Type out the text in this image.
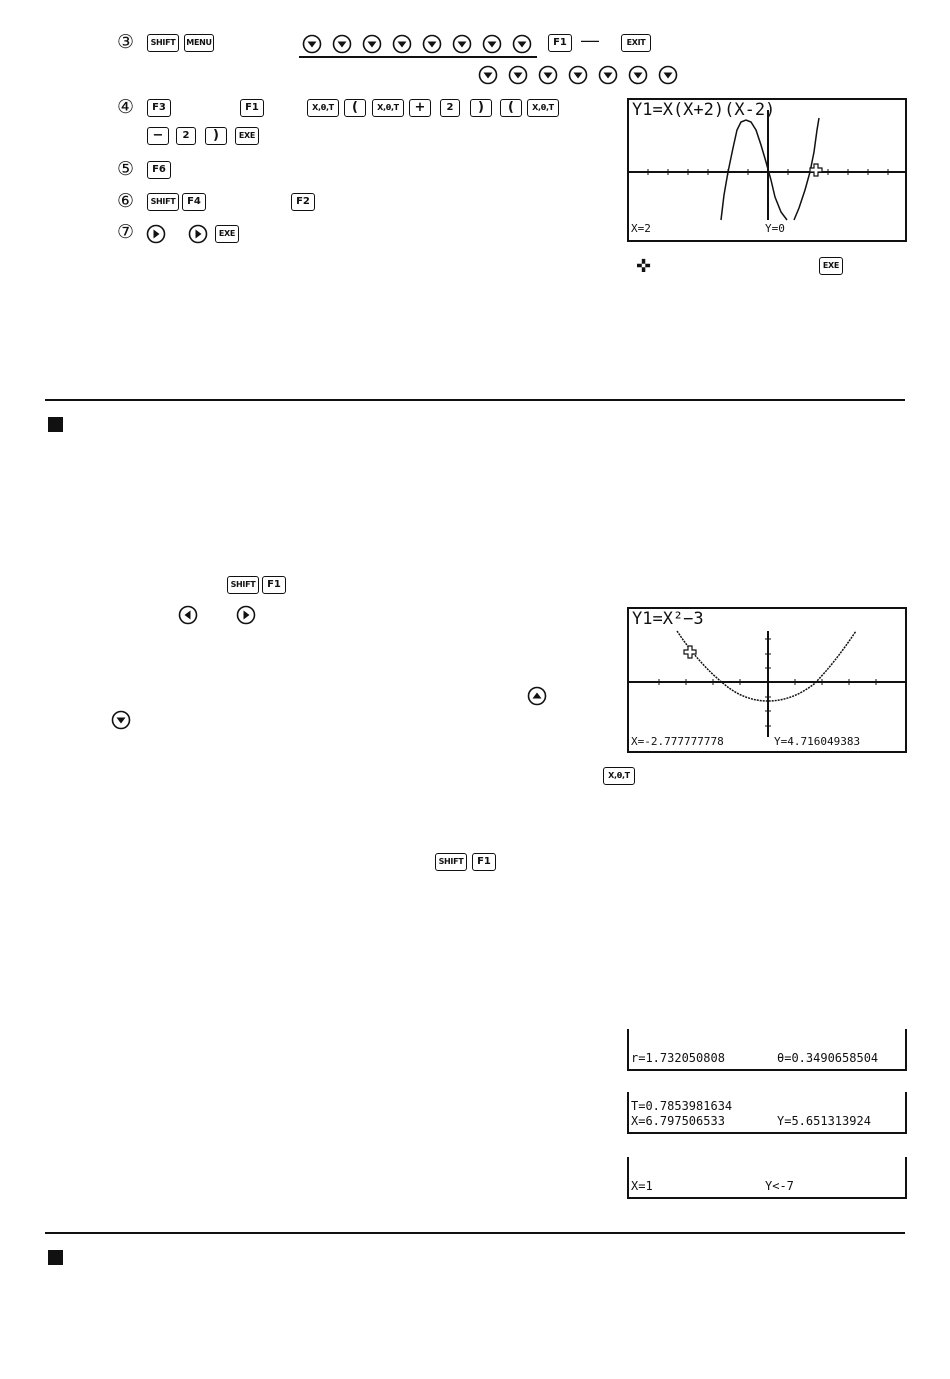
③	SHIFT	MENU	F1 —	EXIT
④	F3	F1	X,θ,T	(	X,θ,T	+	2	)	(	X,θ,T
−	2	)	EXE
⑤	F6
⑥	SHIFT	F4	F2
⑦	EXE
Y1=X(X+2)(X-2)
X=2	Y=0
✜	EXE
SHIFT	F1
X,θ,T
SHIFT	F1
Y1=X²−3
X=-2.777777778	Y=4.716049383
r=1.732050808	θ=0.3490658504
T=0.7853981634
X=6.797506533	Y=5.651313924
X=1	Y<-7
